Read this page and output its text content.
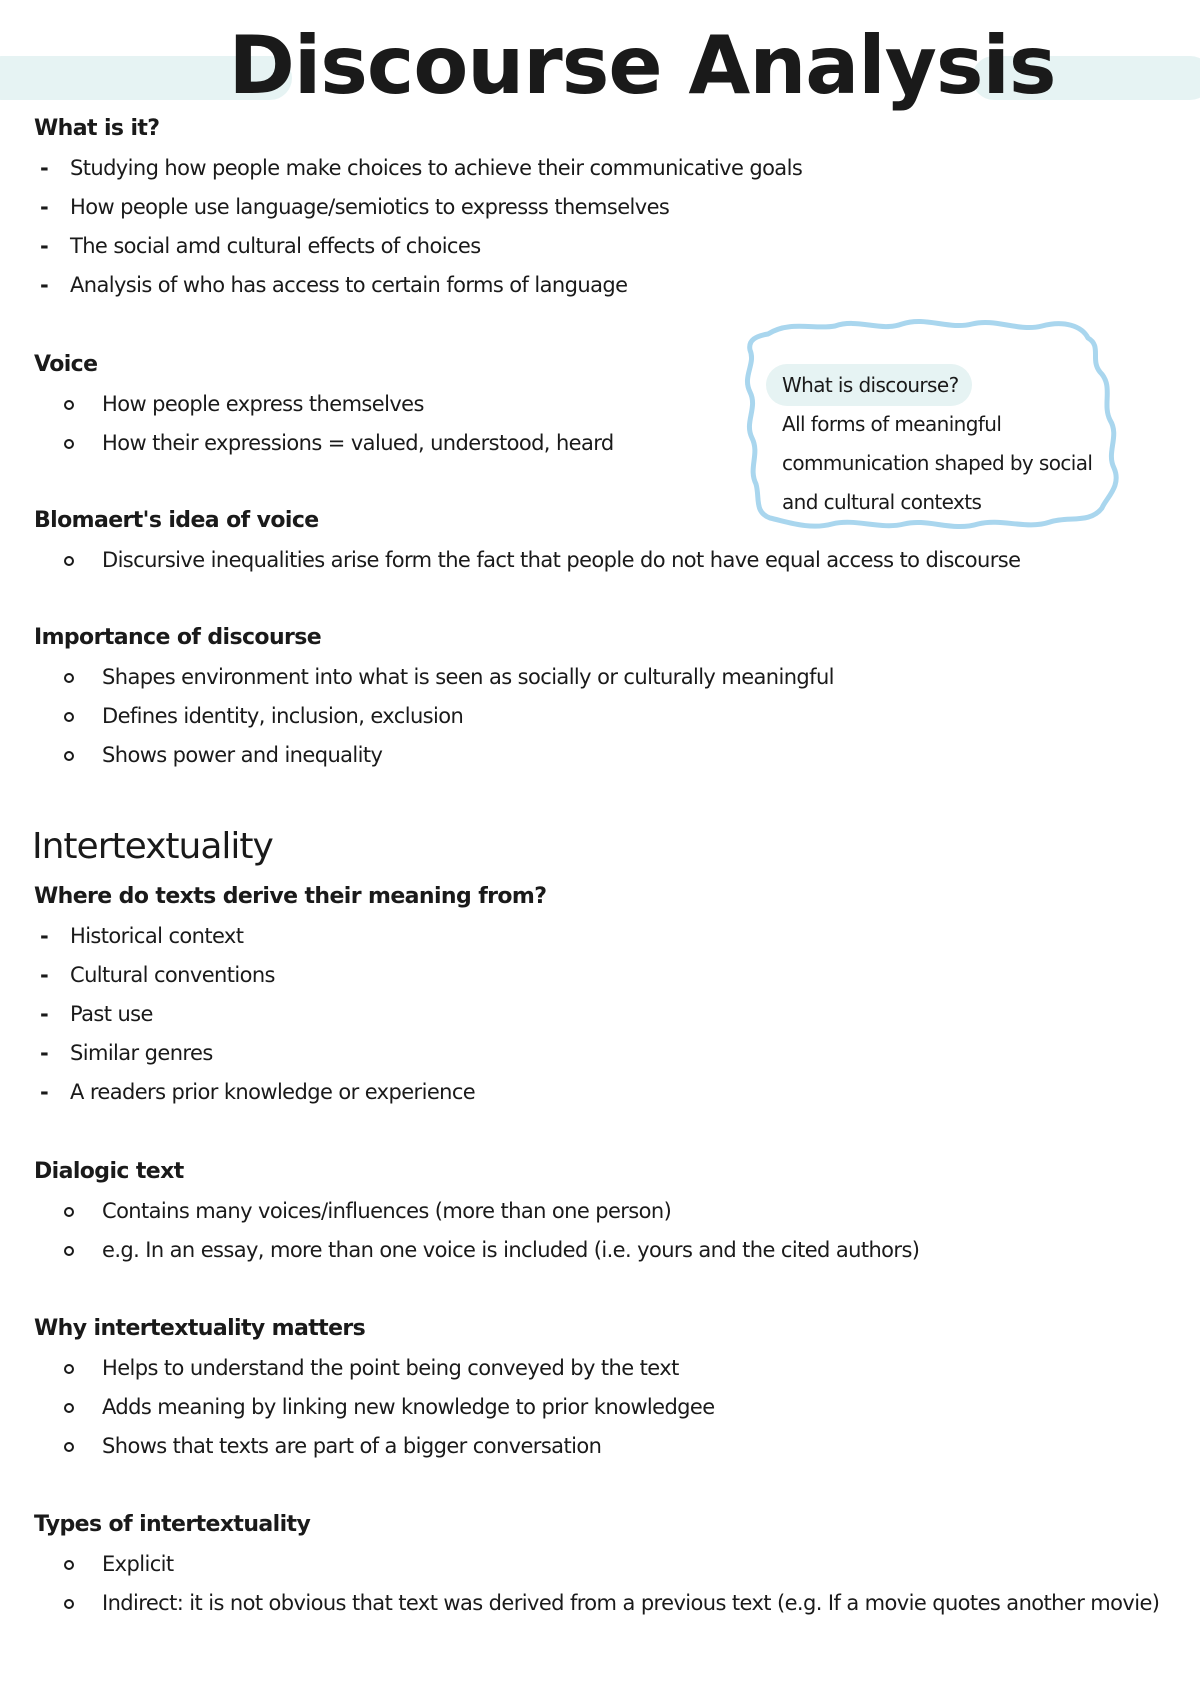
Discourse Analysis
What is it?
- Studying how people make choices to achieve their communicative goals
- How people use language/semiotics to expresss themselves
- The social amd cultural effects of choices
- Analysis of who has access to certain forms of language
Voice
How people express themselves
How their expressions = valued, understood, heard
What is discourse?
All forms of meaningful
communication shaped by social
and cultural contexts
Blomaert's idea of voice
Discursive inequalities arise form the fact that people do not have equal access to discourse
Importance of discourse
Shapes environment into what is seen as socially or culturally meaningful
Defines identity, inclusion, exclusion
Shows power and inequality
Intertextuality
Where do texts derive their meaning from?
- Historical context
- Cultural conventions
- Past use
- Similar genres
- A readers prior knowledge or experience
Dialogic text
Contains many voices/influences (more than one person)
e.g. In an essay, more than one voice is included (i.e. yours and the cited authors)
Why intertextuality matters
Helps to understand the point being conveyed by the text
Adds meaning by linking new knowledge to prior knowledgee
Shows that texts are part of a bigger conversation
Types of intertextuality
Explicit
Indirect: it is not obvious that text was derived from a previous text (e.g. If a movie quotes another movie)
